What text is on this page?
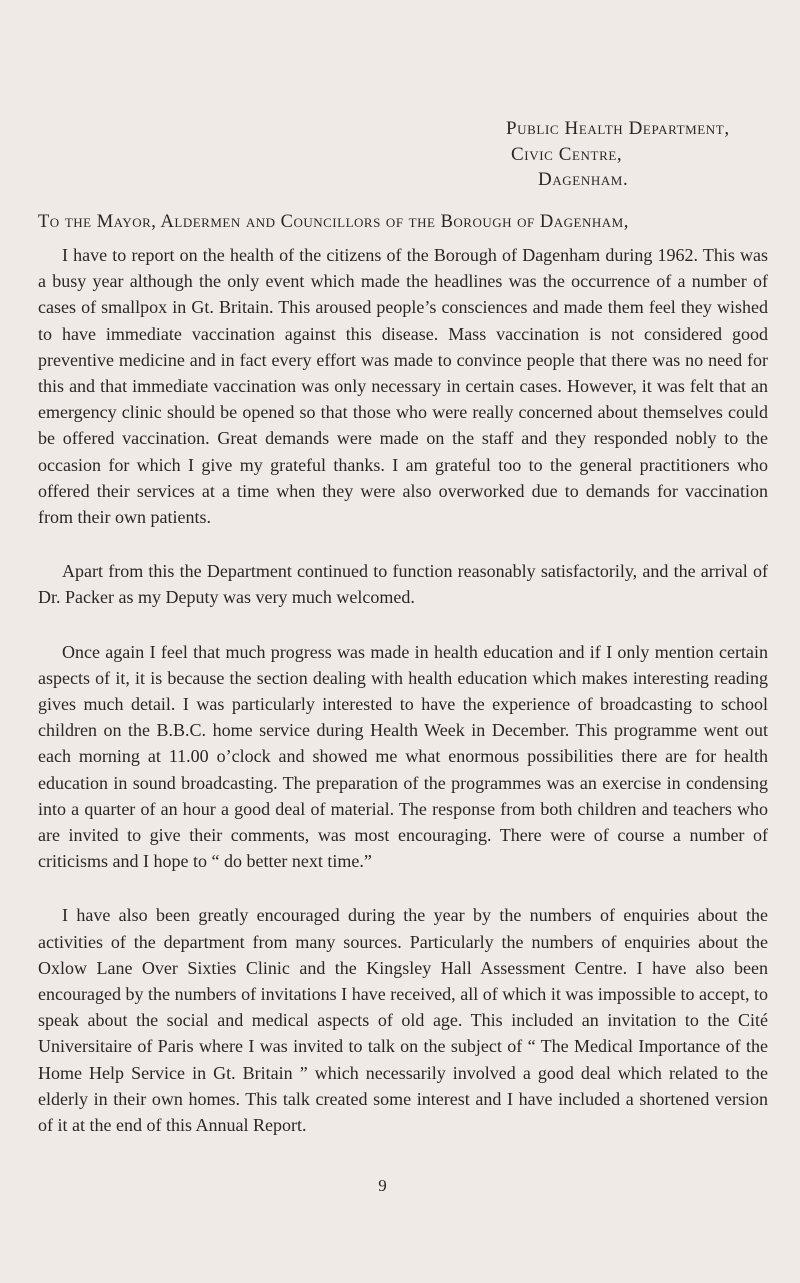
Public Health Department,
Civic Centre,
Dagenham.
To the Mayor, Aldermen and Councillors of the Borough of Dagenham,

I have to report on the health of the citizens of the Borough of Dagenham during 1962. This was a busy year although the only event which made the headlines was the occurrence of a number of cases of smallpox in Gt. Britain. This aroused people’s consciences and made them feel they wished to have immediate vaccination against this disease. Mass vaccination is not considered good preventive medicine and in fact every effort was made to convince people that there was no need for this and that immediate vaccination was only necessary in certain cases. However, it was felt that an emergency clinic should be opened so that those who were really concerned about themselves could be offered vaccination. Great demands were made on the staff and they responded nobly to the occasion for which I give my grateful thanks. I am grateful too to the general practitioners who offered their services at a time when they were also overworked due to demands for vaccination from their own patients.

Apart from this the Department continued to function reasonably satisfactorily, and the arrival of Dr. Packer as my Deputy was very much welcomed.

Once again I feel that much progress was made in health education and if I only mention certain aspects of it, it is because the section dealing with health education which makes interesting reading gives much detail. I was particularly interested to have the experience of broadcasting to school children on the B.B.C. home service during Health Week in December. This programme went out each morning at 11.00 o’clock and showed me what enormous possibilities there are for health education in sound broadcasting. The preparation of the programmes was an exercise in condensing into a quarter of an hour a good deal of material. The response from both children and teachers who are invited to give their comments, was most encouraging. There were of course a number of criticisms and I hope to “ do better next time.”

I have also been greatly encouraged during the year by the numbers of enquiries about the activities of the department from many sources. Particularly the numbers of enquiries about the Oxlow Lane Over Sixties Clinic and the Kingsley Hall Assessment Centre. I have also been encouraged by the numbers of invitations I have received, all of which it was impossible to accept, to speak about the social and medical aspects of old age. This included an invitation to the Cité Universitaire of Paris where I was invited to talk on the subject of “ The Medical Importance of the Home Help Service in Gt. Britain ” which necessarily involved a good deal which related to the elderly in their own homes. This talk created some interest and I have included a shortened version of it at the end of this Annual Report.

9
